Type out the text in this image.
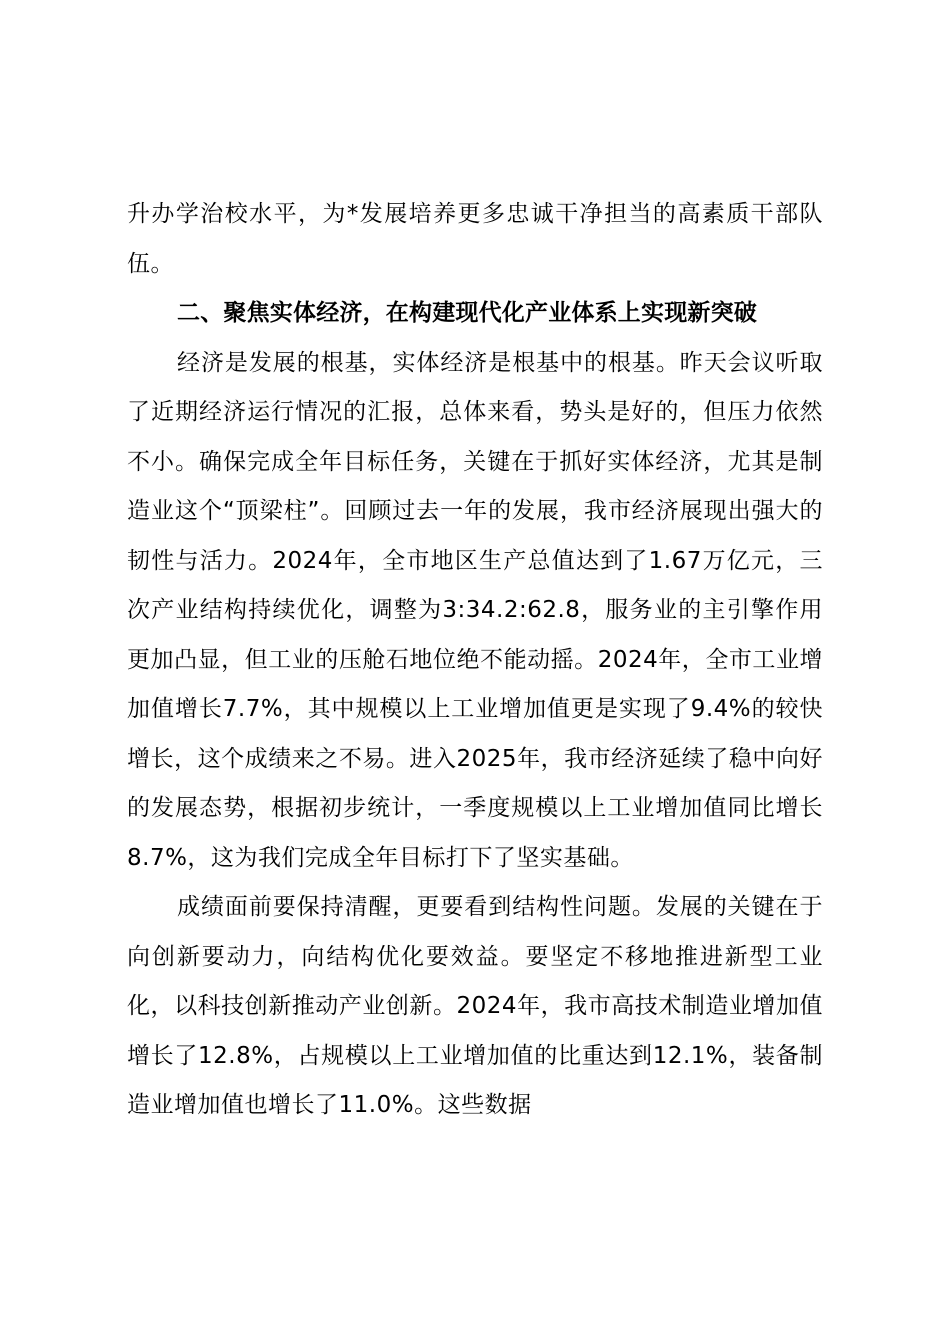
升办学治校水平，为*发展培养更多忠诚干净担当的高素质干部队伍。

二、聚焦实体经济，在构建现代化产业体系上实现新突破

经济是发展的根基，实体经济是根基中的根基。昨天会议听取了近期经济运行情况的汇报，总体来看，势头是好的，但压力依然不小。确保完成全年目标任务，关键在于抓好实体经济，尤其是制造业这个“顶梁柱”。回顾过去一年的发展，我市经济展现出强大的韧性与活力。2024年，全市地区生产总值达到了1.67万亿元，三次产业结构持续优化，调整为3:34.2:62.8，服务业的主引擎作用更加凸显，但工业的压舱石地位绝不能动摇。2024年，全市工业增加值增长7.7%，其中规模以上工业增加值更是实现了9.4%的较快增长，这个成绩来之不易。进入2025年，我市经济延续了稳中向好的发展态势，根据初步统计，一季度规模以上工业增加值同比增长8.7%，这为我们完成全年目标打下了坚实基础。

成绩面前要保持清醒，更要看到结构性问题。发展的关键在于向创新要动力，向结构优化要效益。要坚定不移地推进新型工业化，以科技创新推动产业创新。2024年，我市高技术制造业增加值增长了12.8%，占规模以上工业增加值的比重达到12.1%，装备制造业增加值也增长了11.0%。这些数据
